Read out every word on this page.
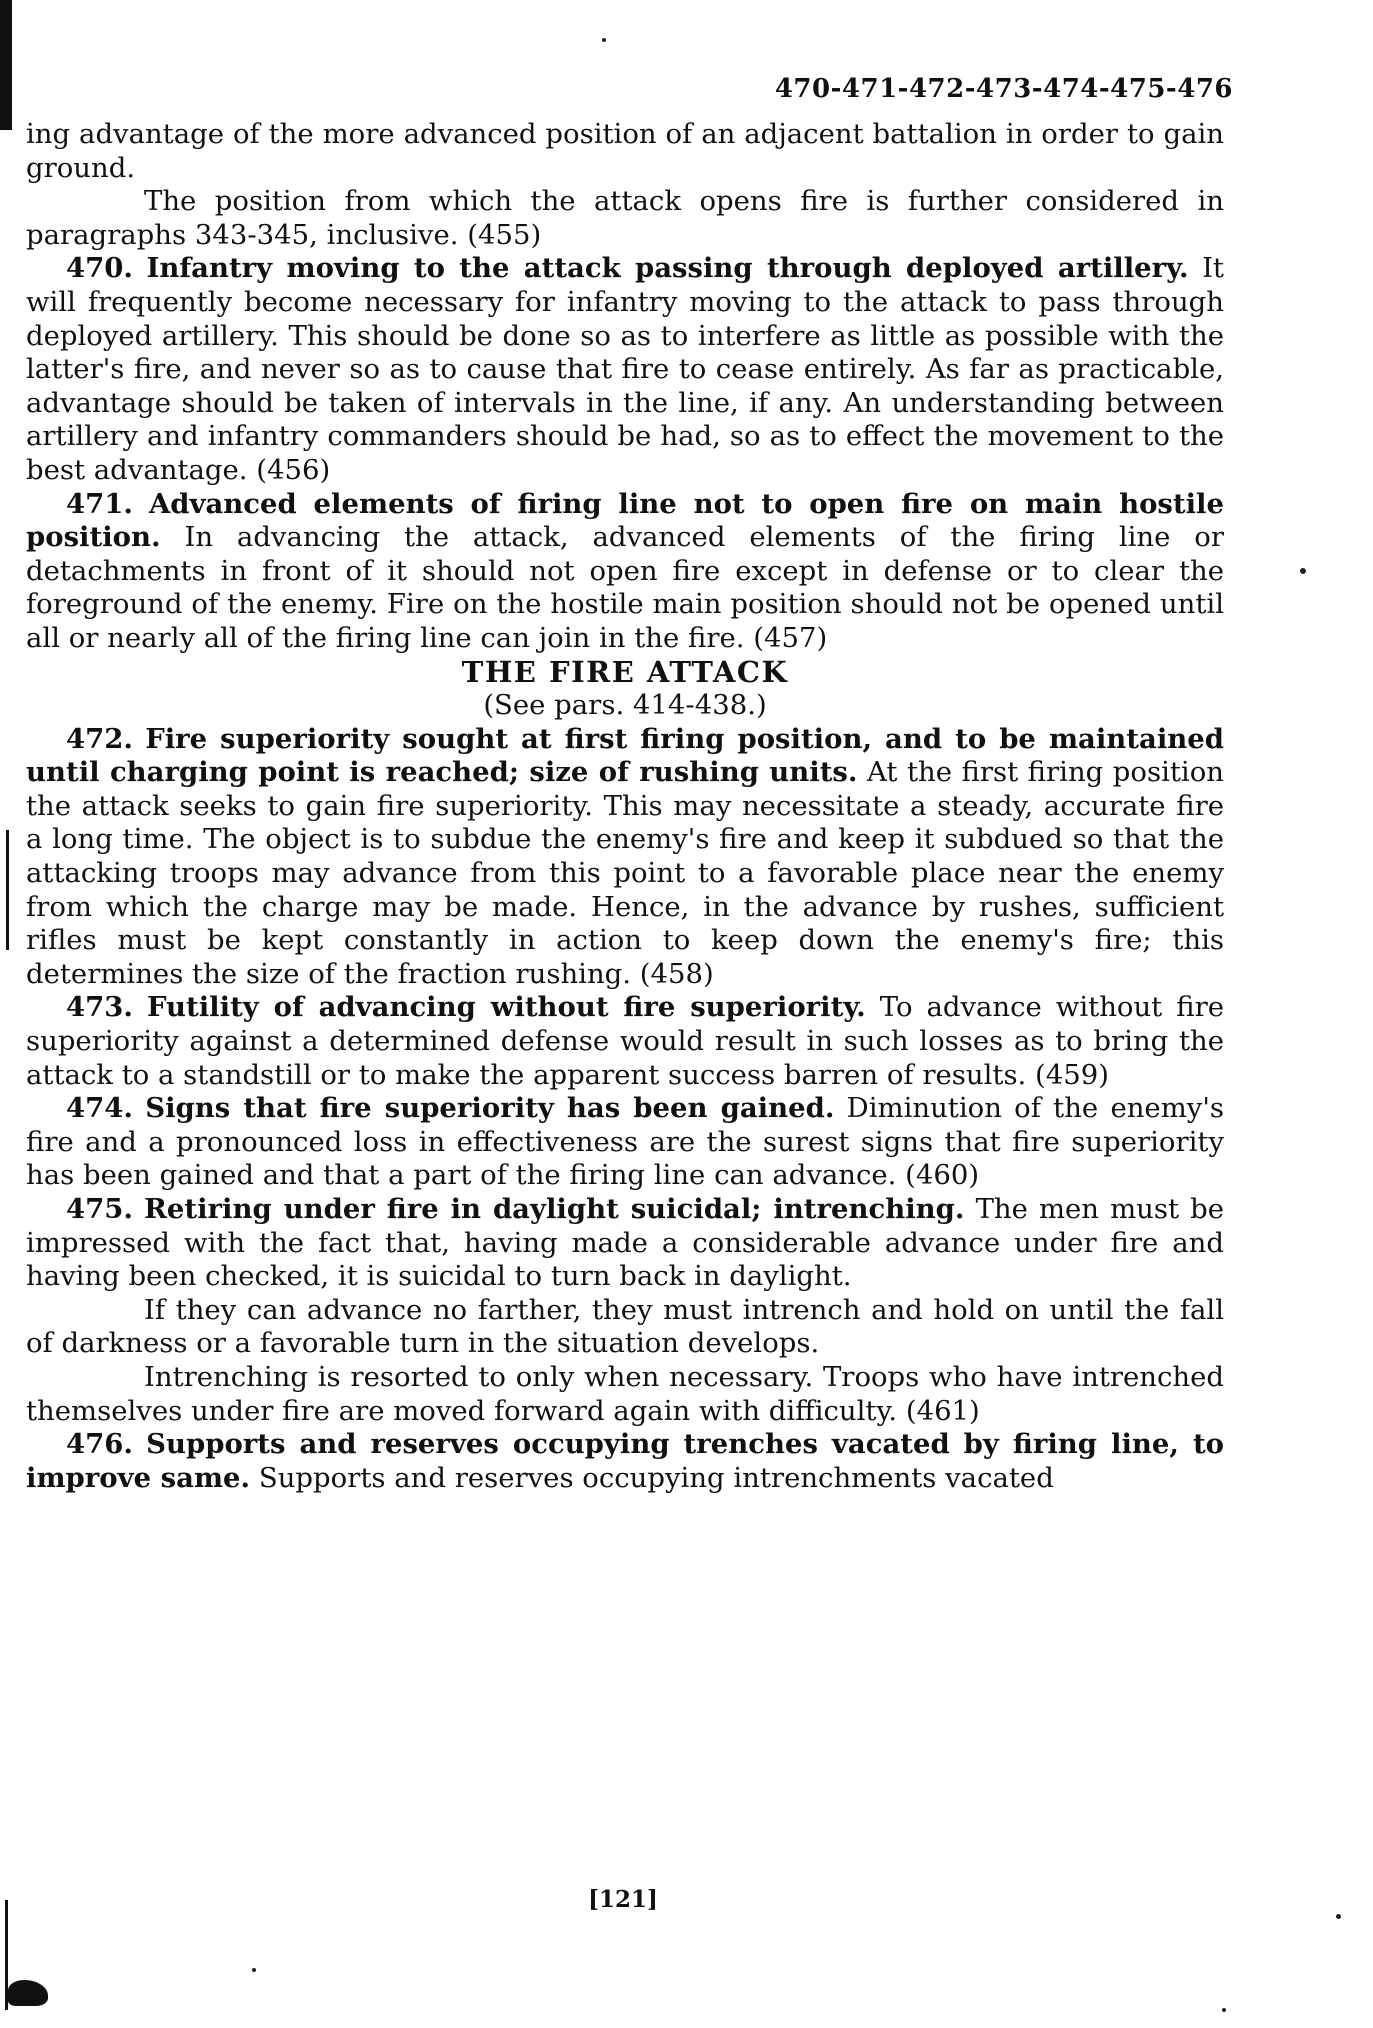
470-471-472-473-474-475-476

ing advantage of the more advanced position of an adjacent battalion in order to gain ground.

The position from which the attack opens fire is further considered in paragraphs 343-345, inclusive. (455)

470. Infantry moving to the attack passing through deployed artillery. It will frequently become necessary for infantry moving to the attack to pass through deployed artillery. This should be done so as to interfere as little as possible with the latter's fire, and never so as to cause that fire to cease entirely. As far as practicable, advantage should be taken of intervals in the line, if any. An understanding between artillery and infantry commanders should be had, so as to effect the movement to the best advantage. (456)

471. Advanced elements of firing line not to open fire on main hostile position. In advancing the attack, advanced elements of the firing line or detachments in front of it should not open fire except in defense or to clear the foreground of the enemy. Fire on the hostile main position should not be opened until all or nearly all of the firing line can join in the fire. (457)

THE FIRE ATTACK

(See pars. 414-438.)

472. Fire superiority sought at first firing position, and to be maintained until charging point is reached; size of rushing units. At the first firing position the attack seeks to gain fire superiority. This may necessitate a steady, accurate fire a long time. The object is to subdue the enemy's fire and keep it subdued so that the attacking troops may advance from this point to a favorable place near the enemy from which the charge may be made. Hence, in the advance by rushes, sufficient rifles must be kept constantly in action to keep down the enemy's fire; this determines the size of the fraction rushing. (458)

473. Futility of advancing without fire superiority. To advance without fire superiority against a determined defense would result in such losses as to bring the attack to a standstill or to make the apparent success barren of results. (459)

474. Signs that fire superiority has been gained. Diminution of the enemy's fire and a pronounced loss in effectiveness are the surest signs that fire superiority has been gained and that a part of the firing line can advance. (460)

475. Retiring under fire in daylight suicidal; intrenching. The men must be impressed with the fact that, having made a considerable advance under fire and having been checked, it is suicidal to turn back in daylight.

If they can advance no farther, they must intrench and hold on until the fall of darkness or a favorable turn in the situation develops.

Intrenching is resorted to only when necessary. Troops who have intrenched themselves under fire are moved forward again with difficulty. (461)

476. Supports and reserves occupying trenches vacated by firing line, to improve same. Supports and reserves occupying intrenchments vacated

[121]
